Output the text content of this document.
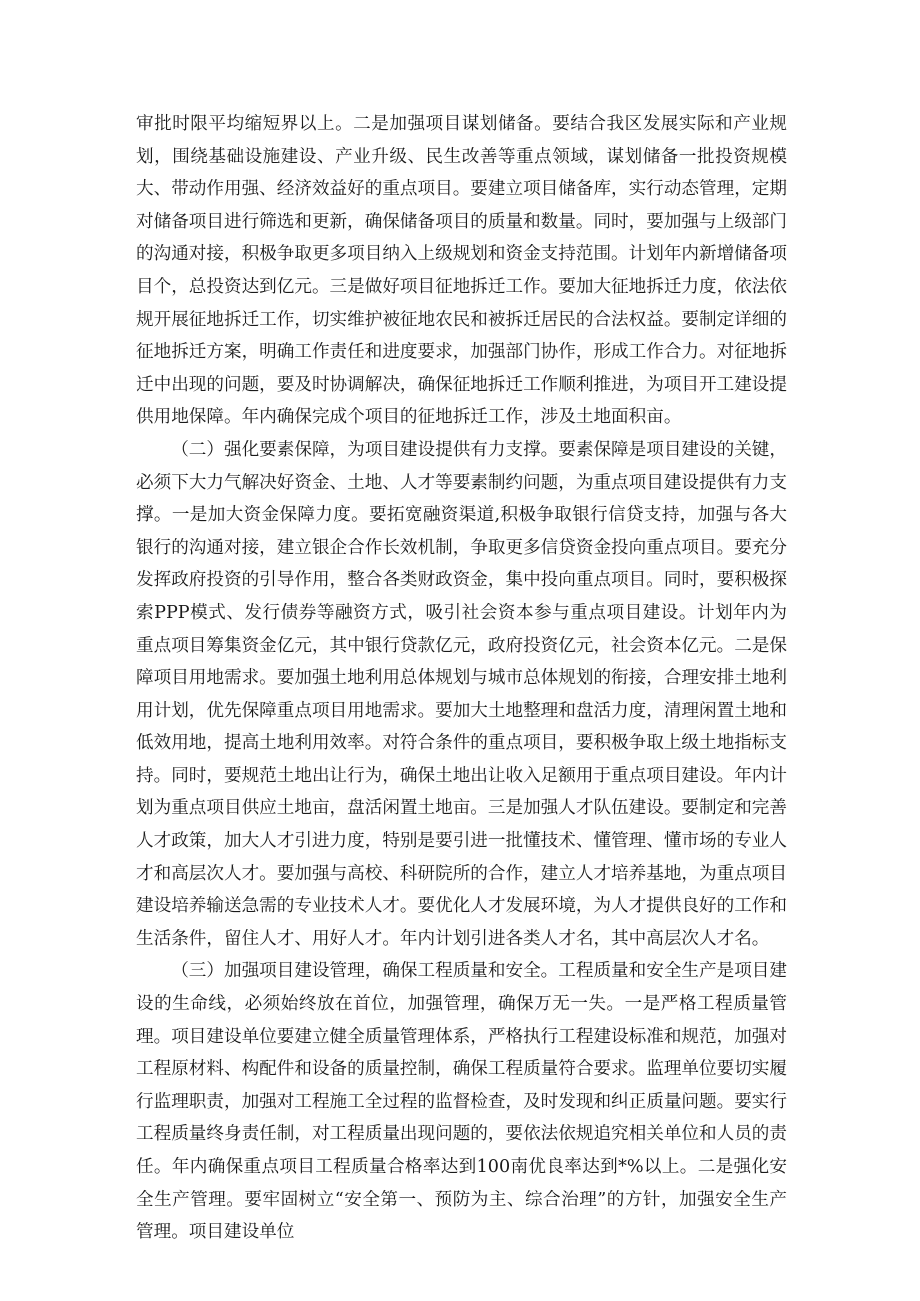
审批时限平均缩短界以上。二是加强项目谋划储备。要结合我区发展实际和产业规划，围绕基础设施建设、产业升级、民生改善等重点领域，谋划储备一批投资规模大、带动作用强、经济效益好的重点项目。要建立项目储备库，实行动态管理，定期对储备项目进行筛选和更新，确保储备项目的质量和数量。同时，要加强与上级部门的沟通对接，积极争取更多项目纳入上级规划和资金支持范围。计划年内新增储备项目个，总投资达到亿元。三是做好项目征地拆迁工作。要加大征地拆迁力度，依法依规开展征地拆迁工作，切实维护被征地农民和被拆迁居民的合法权益。要制定详细的征地拆迁方案，明确工作责任和进度要求，加强部门协作，形成工作合力。对征地拆迁中出现的问题，要及时协调解决，确保征地拆迁工作顺利推进，为项目开工建设提供用地保障。年内确保完成个项目的征地拆迁工作，涉及土地面积亩。

（二）强化要素保障，为项目建设提供有力支撑。要素保障是项目建设的关键，必须下大力气解决好资金、土地、人才等要素制约问题，为重点项目建设提供有力支撑。一是加大资金保障力度。要拓宽融资渠道,积极争取银行信贷支持，加强与各大银行的沟通对接，建立银企合作长效机制，争取更多信贷资金投向重点项目。要充分发挥政府投资的引导作用，整合各类财政资金，集中投向重点项目。同时，要积极探索PPP模式、发行债券等融资方式，吸引社会资本参与重点项目建设。计划年内为重点项目筹集资金亿元，其中银行贷款亿元，政府投资亿元，社会资本亿元。二是保障项目用地需求。要加强土地利用总体规划与城市总体规划的衔接，合理安排土地利用计划，优先保障重点项目用地需求。要加大土地整理和盘活力度，清理闲置土地和低效用地，提高土地利用效率。对符合条件的重点项目，要积极争取上级土地指标支持。同时，要规范土地出让行为，确保土地出让收入足额用于重点项目建设。年内计划为重点项目供应土地亩，盘活闲置土地亩。三是加强人才队伍建设。要制定和完善人才政策，加大人才引进力度，特别是要引进一批懂技术、懂管理、懂市场的专业人才和高层次人才。要加强与高校、科研院所的合作，建立人才培养基地，为重点项目建设培养输送急需的专业技术人才。要优化人才发展环境，为人才提供良好的工作和生活条件，留住人才、用好人才。年内计划引进各类人才名，其中高层次人才名。

（三）加强项目建设管理，确保工程质量和安全。工程质量和安全生产是项目建设的生命线，必须始终放在首位，加强管理，确保万无一失。一是严格工程质量管理。项目建设单位要建立健全质量管理体系，严格执行工程建设标准和规范，加强对工程原材料、构配件和设备的质量控制，确保工程质量符合要求。监理单位要切实履行监理职责，加强对工程施工全过程的监督检查，及时发现和纠正质量问题。要实行工程质量终身责任制，对工程质量出现问题的，要依法依规追究相关单位和人员的责任。年内确保重点项目工程质量合格率达到100南优良率达到*%以上。二是强化安全生产管理。要牢固树立“安全第一、预防为主、综合治理”的方针，加强安全生产管理。项目建设单位
